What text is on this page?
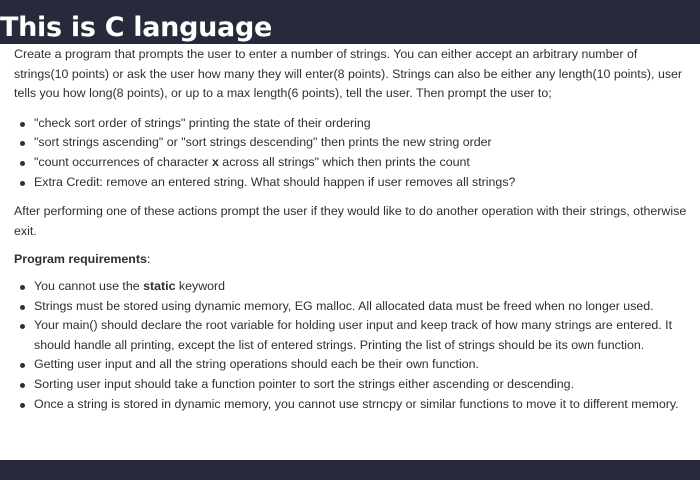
This is C language

Create a program that prompts the user to enter a number of strings. You can either accept an arbitrary number of strings(10 points) or ask the user how many they will enter(8 points). Strings can also be either any length(10 points), user tells you how long(8 points), or up to a max length(6 points), tell the user. Then prompt the user to;

"check sort order of strings" printing the state of their ordering
"sort strings ascending" or "sort strings descending" then prints the new string order
"count occurrences of character x across all strings" which then prints the count
Extra Credit: remove an entered string. What should happen if user removes all strings?

After performing one of these actions prompt the user if they would like to do another operation with their strings, otherwise exit.

Program requirements:

You cannot use the static keyword
Strings must be stored using dynamic memory, EG malloc. All allocated data must be freed when no longer used.
Your main() should declare the root variable for holding user input and keep track of how many strings are entered. It should handle all printing, except the list of entered strings. Printing the list of strings should be its own function.
Getting user input and all the string operations should each be their own function.
Sorting user input should take a function pointer to sort the strings either ascending or descending.
Once a string is stored in dynamic memory, you cannot use strncpy or similar functions to move it to different memory.
